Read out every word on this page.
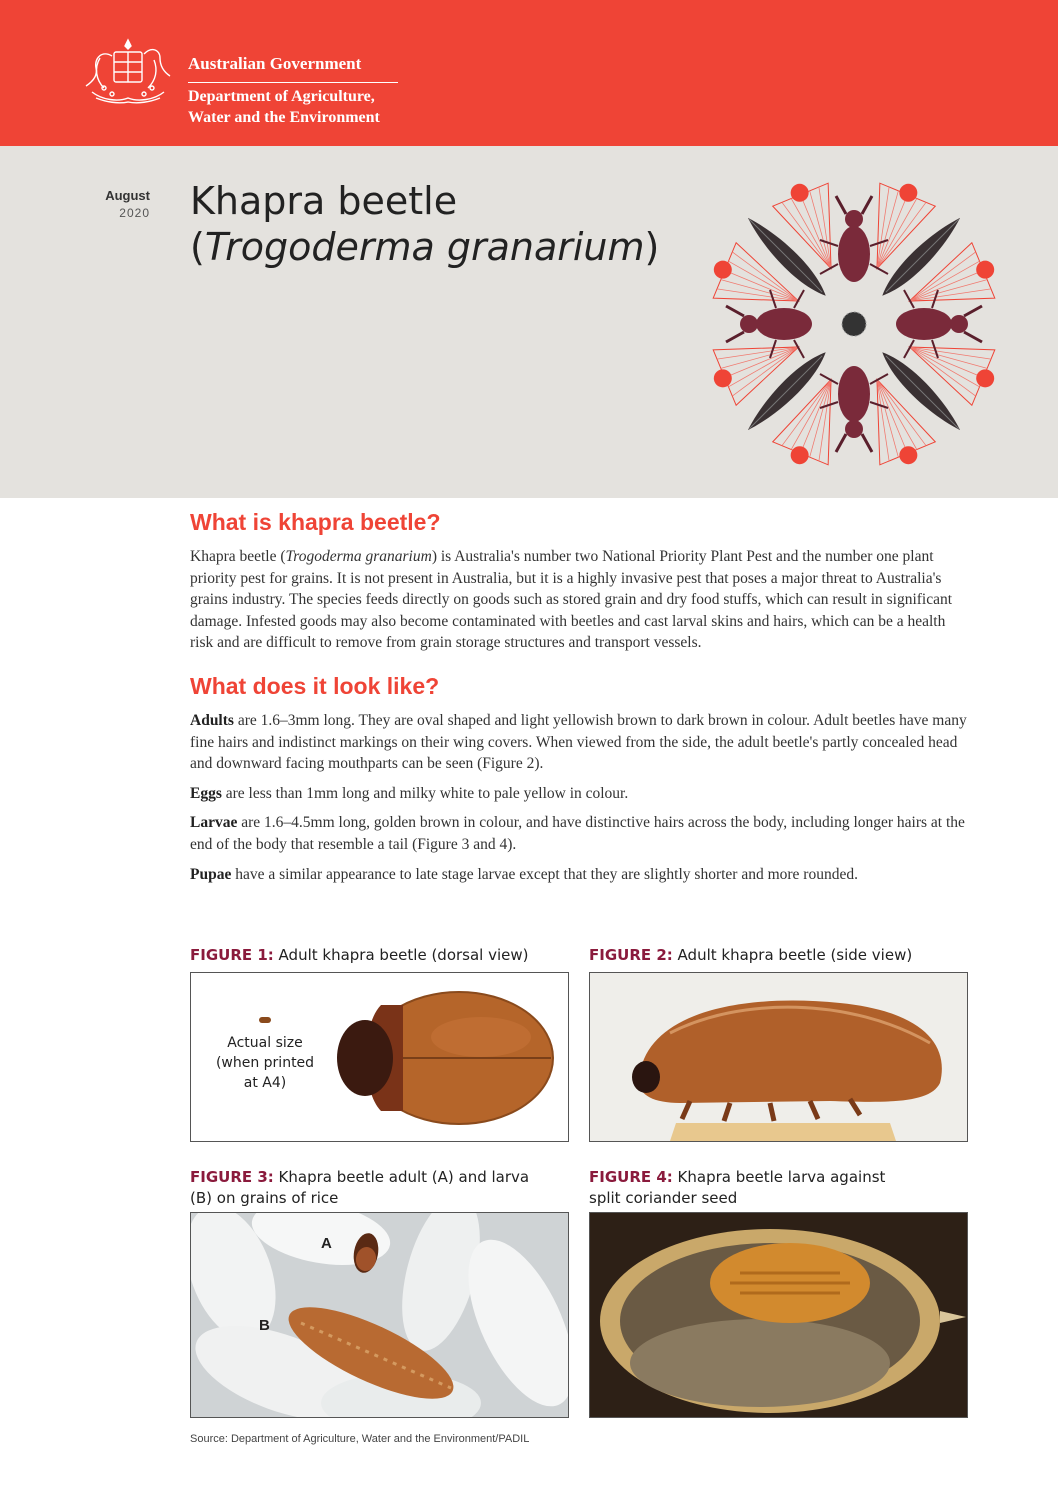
Australian Government
Department of Agriculture,
Water and the Environment
August
2020 Khapra beetle
(Trogoderma granarium)
What is khapra beetle?

Khapra beetle (Trogoderma granarium) is Australia's number two National Priority Plant Pest and the number one plant priority pest for grains. It is not present in Australia, but it is a highly invasive pest that poses a major threat to Australia's grains industry. The species feeds directly on goods such as stored grain and dry food stuffs, which can result in significant damage. Infested goods may also become contaminated with beetles and cast larval skins and hairs, which can be a health risk and are difficult to remove from grain storage structures and transport vessels.

What does it look like?

Adults are 1.6–3mm long. They are oval shaped and light yellowish brown to dark brown in colour. Adult beetles have many fine hairs and indistinct markings on their wing covers. When viewed from the side, the adult beetle's partly concealed head and downward facing mouthparts can be seen (Figure 2).

Eggs are less than 1mm long and milky white to pale yellow in colour.

Larvae are 1.6–4.5mm long, golden brown in colour, and have distinctive hairs across the body, including longer hairs at the end of the body that resemble a tail (Figure 3 and 4).

Pupae have a similar appearance to late stage larvae except that they are slightly shorter and more rounded.

FIGURE 1: Adult khapra beetle (dorsal view)
Actual size
(when printed
at A4)
FIGURE 2: Adult khapra beetle (side view)
FIGURE 3: Khapra beetle adult (A) and larva
(B) on grains of rice
A
B
FIGURE 4: Khapra beetle larva against
split coriander seed
Source: Department of Agriculture, Water and the Environment/PADIL
